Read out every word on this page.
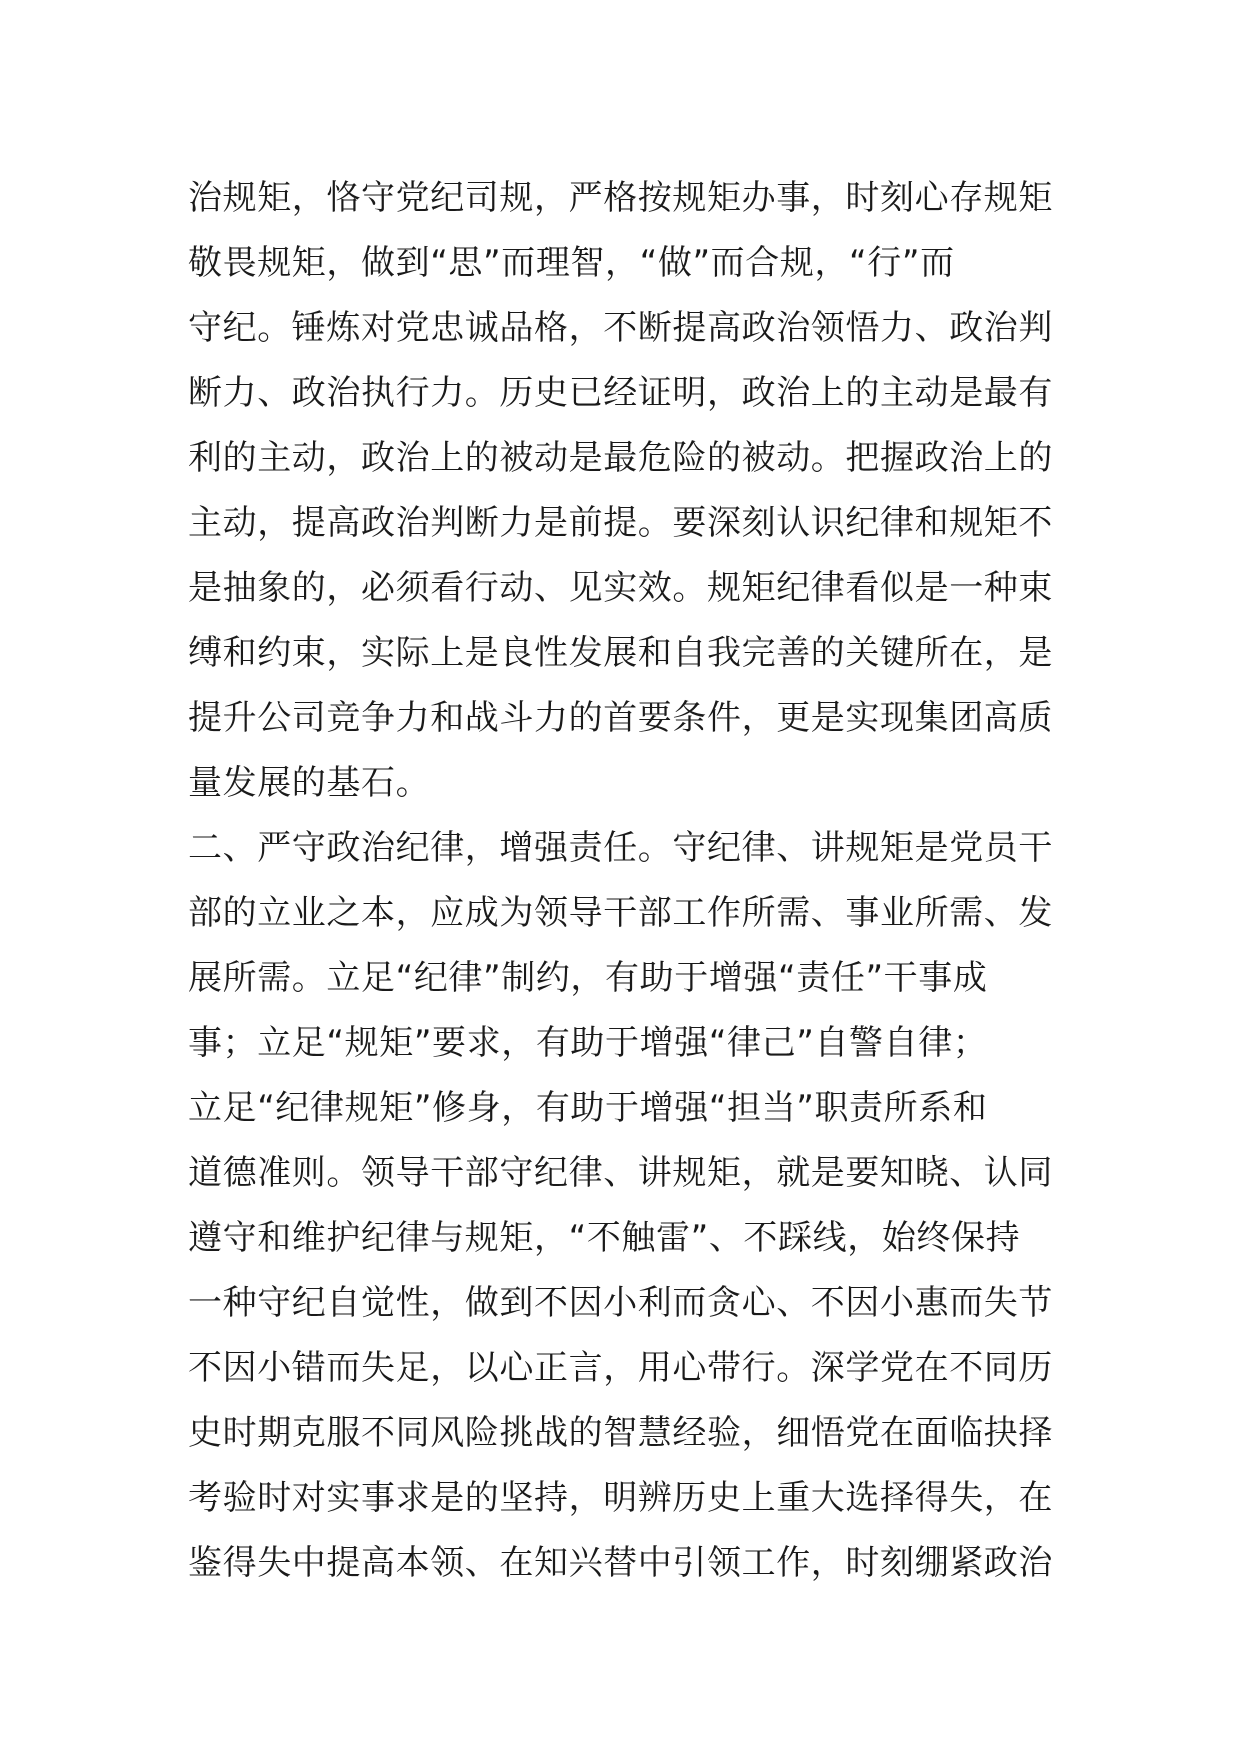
治规矩，恪守党纪司规，严格按规矩办事，时刻心存规矩
敬畏规矩，做到“思”而理智，“做”而合规，“行”而
守纪。锤炼对党忠诚品格，不断提高政治领悟力、政治判
断力、政治执行力。历史已经证明，政治上的主动是最有
利的主动，政治上的被动是最危险的被动。把握政治上的
主动，提高政治判断力是前提。要深刻认识纪律和规矩不
是抽象的，必须看行动、见实效。规矩纪律看似是一种束
缚和约束，实际上是良性发展和自我完善的关键所在，是
提升公司竞争力和战斗力的首要条件，更是实现集团高质
量发展的基石。
二、严守政治纪律，增强责任。守纪律、讲规矩是党员干
部的立业之本，应成为领导干部工作所需、事业所需、发
展所需。立足“纪律”制约，有助于增强“责任”干事成
事；立足“规矩”要求，有助于增强“律己”自警自律；
立足“纪律规矩”修身，有助于增强“担当”职责所系和
道德准则。领导干部守纪律、讲规矩，就是要知晓、认同
遵守和维护纪律与规矩，“不触雷”、不踩线，始终保持
一种守纪自觉性，做到不因小利而贪心、不因小惠而失节
不因小错而失足，以心正言，用心带行。深学党在不同历
史时期克服不同风险挑战的智慧经验，细悟党在面临抉择
考验时对实事求是的坚持，明辨历史上重大选择得失，在
鉴得失中提高本领、在知兴替中引领工作，时刻绷紧政治
